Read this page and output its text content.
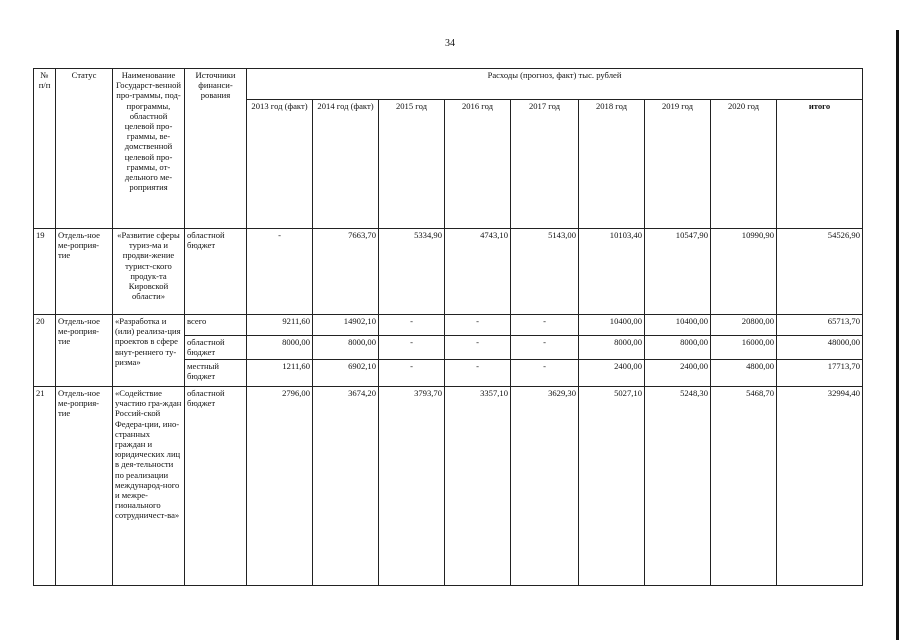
34
№ п/п	Статус	Наименование Государст-венной про-граммы, под-программы, областной целевой про-граммы, ве-домственной целевой про-граммы, от-дельного ме-роприятия	Источники финанси-рования	Расходы (прогноз, факт) тыс. рублей								
				2013 год (факт)	2014 год (факт)	2015 год	2016 год	2017 год	2018 год	2019 год	2020 год	итого
19	Отдель-ное ме-роприя-тие	«Развитие сферы туриз-ма и продви-жение турист-ского продук-та Кировской области»	областной бюджет	-	7663,70	5334,90	4743,10	5143,00	10103,40	10547,90	10990,90	54526,90
20	Отдель-ное ме-роприя-тие	«Разработка и (или) реализа-ция проектов в сфере внут-реннего ту-ризма»	всего	9211,60	14902,10	-	-	-	10400,00	10400,00	20800,00	65713,70
			областной бюджет	8000,00	8000,00	-	-	-	8000,00	8000,00	16000,00	48000,00
			местный бюджет	1211,60	6902,10	-	-	-	2400,00	2400,00	4800,00	17713,70
21	Отдель-ное ме-роприя-тие	«Содействие участию гра-ждан Россий-ской Федера-ции, ино-странных граждан и юридических лиц в дея-тельности по реализации международ-ного и межре-гионального сотрудничест-ва»	областной бюджет	2796,00	3674,20	3793,70	3357,10	3629,30	5027,10	5248,30	5468,70	32994,40
